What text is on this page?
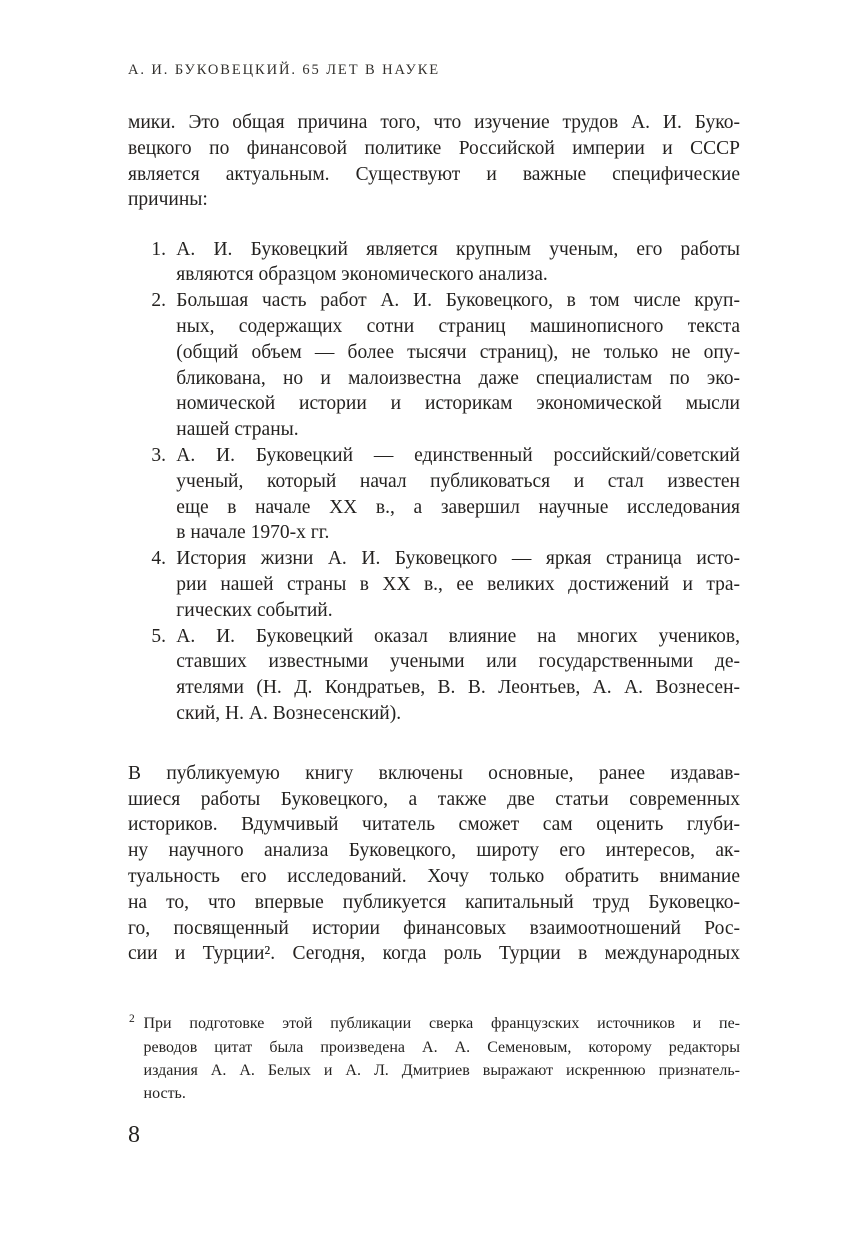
А. И. БУКОВЕЦКИЙ. 65 ЛЕТ В НАУКЕ
мики. Это общая причина того, что изучение трудов А. И. Буко-
вецкого по финансовой политике Российской империи и СССР
является актуальным. Существуют и важные специфические
причины:
1. А. И. Буковецкий является крупным ученым, его работы
являются образцом экономического анализа.
2. Большая часть работ А. И. Буковецкого, в том числе круп-
ных, содержащих сотни страниц машинописного текста
(общий объем — более тысячи страниц), не только не опу-
бликована, но и малоизвестна даже специалистам по эко-
номической истории и историкам экономической мысли
нашей страны.
3. А. И. Буковецкий — единственный российский/советский
ученый, который начал публиковаться и стал известен
еще в начале XX в., а завершил научные исследования
в начале 1970-х гг.
4. История жизни А. И. Буковецкого — яркая страница исто-
рии нашей страны в XX в., ее великих достижений и тра-
гических событий.
5. А. И. Буковецкий оказал влияние на многих учеников,
ставших известными учеными или государственными де-
ятелями (Н. Д. Кондратьев, В. В. Леонтьев, А. А. Вознесен-
ский, Н. А. Вознесенский).
В публикуемую книгу включены основные, ранее издавав-
шиеся работы Буковецкого, а также две статьи современных
историков. Вдумчивый читатель сможет сам оценить глуби-
ну научного анализа Буковецкого, широту его интересов, ак-
туальность его исследований. Хочу только обратить внимание
на то, что впервые публикуется капитальный труд Буковецко-
го, посвященный истории финансовых взаимоотношений Рос-
сии и Турции². Сегодня, когда роль Турции в международных
2 При подготовке этой публикации сверка французских источников и пе-
реводов цитат была произведена А. А. Семеновым, которому редакторы
издания А. А. Белых и А. Л. Дмитриев выражают искреннюю признатель-
ность.
8
